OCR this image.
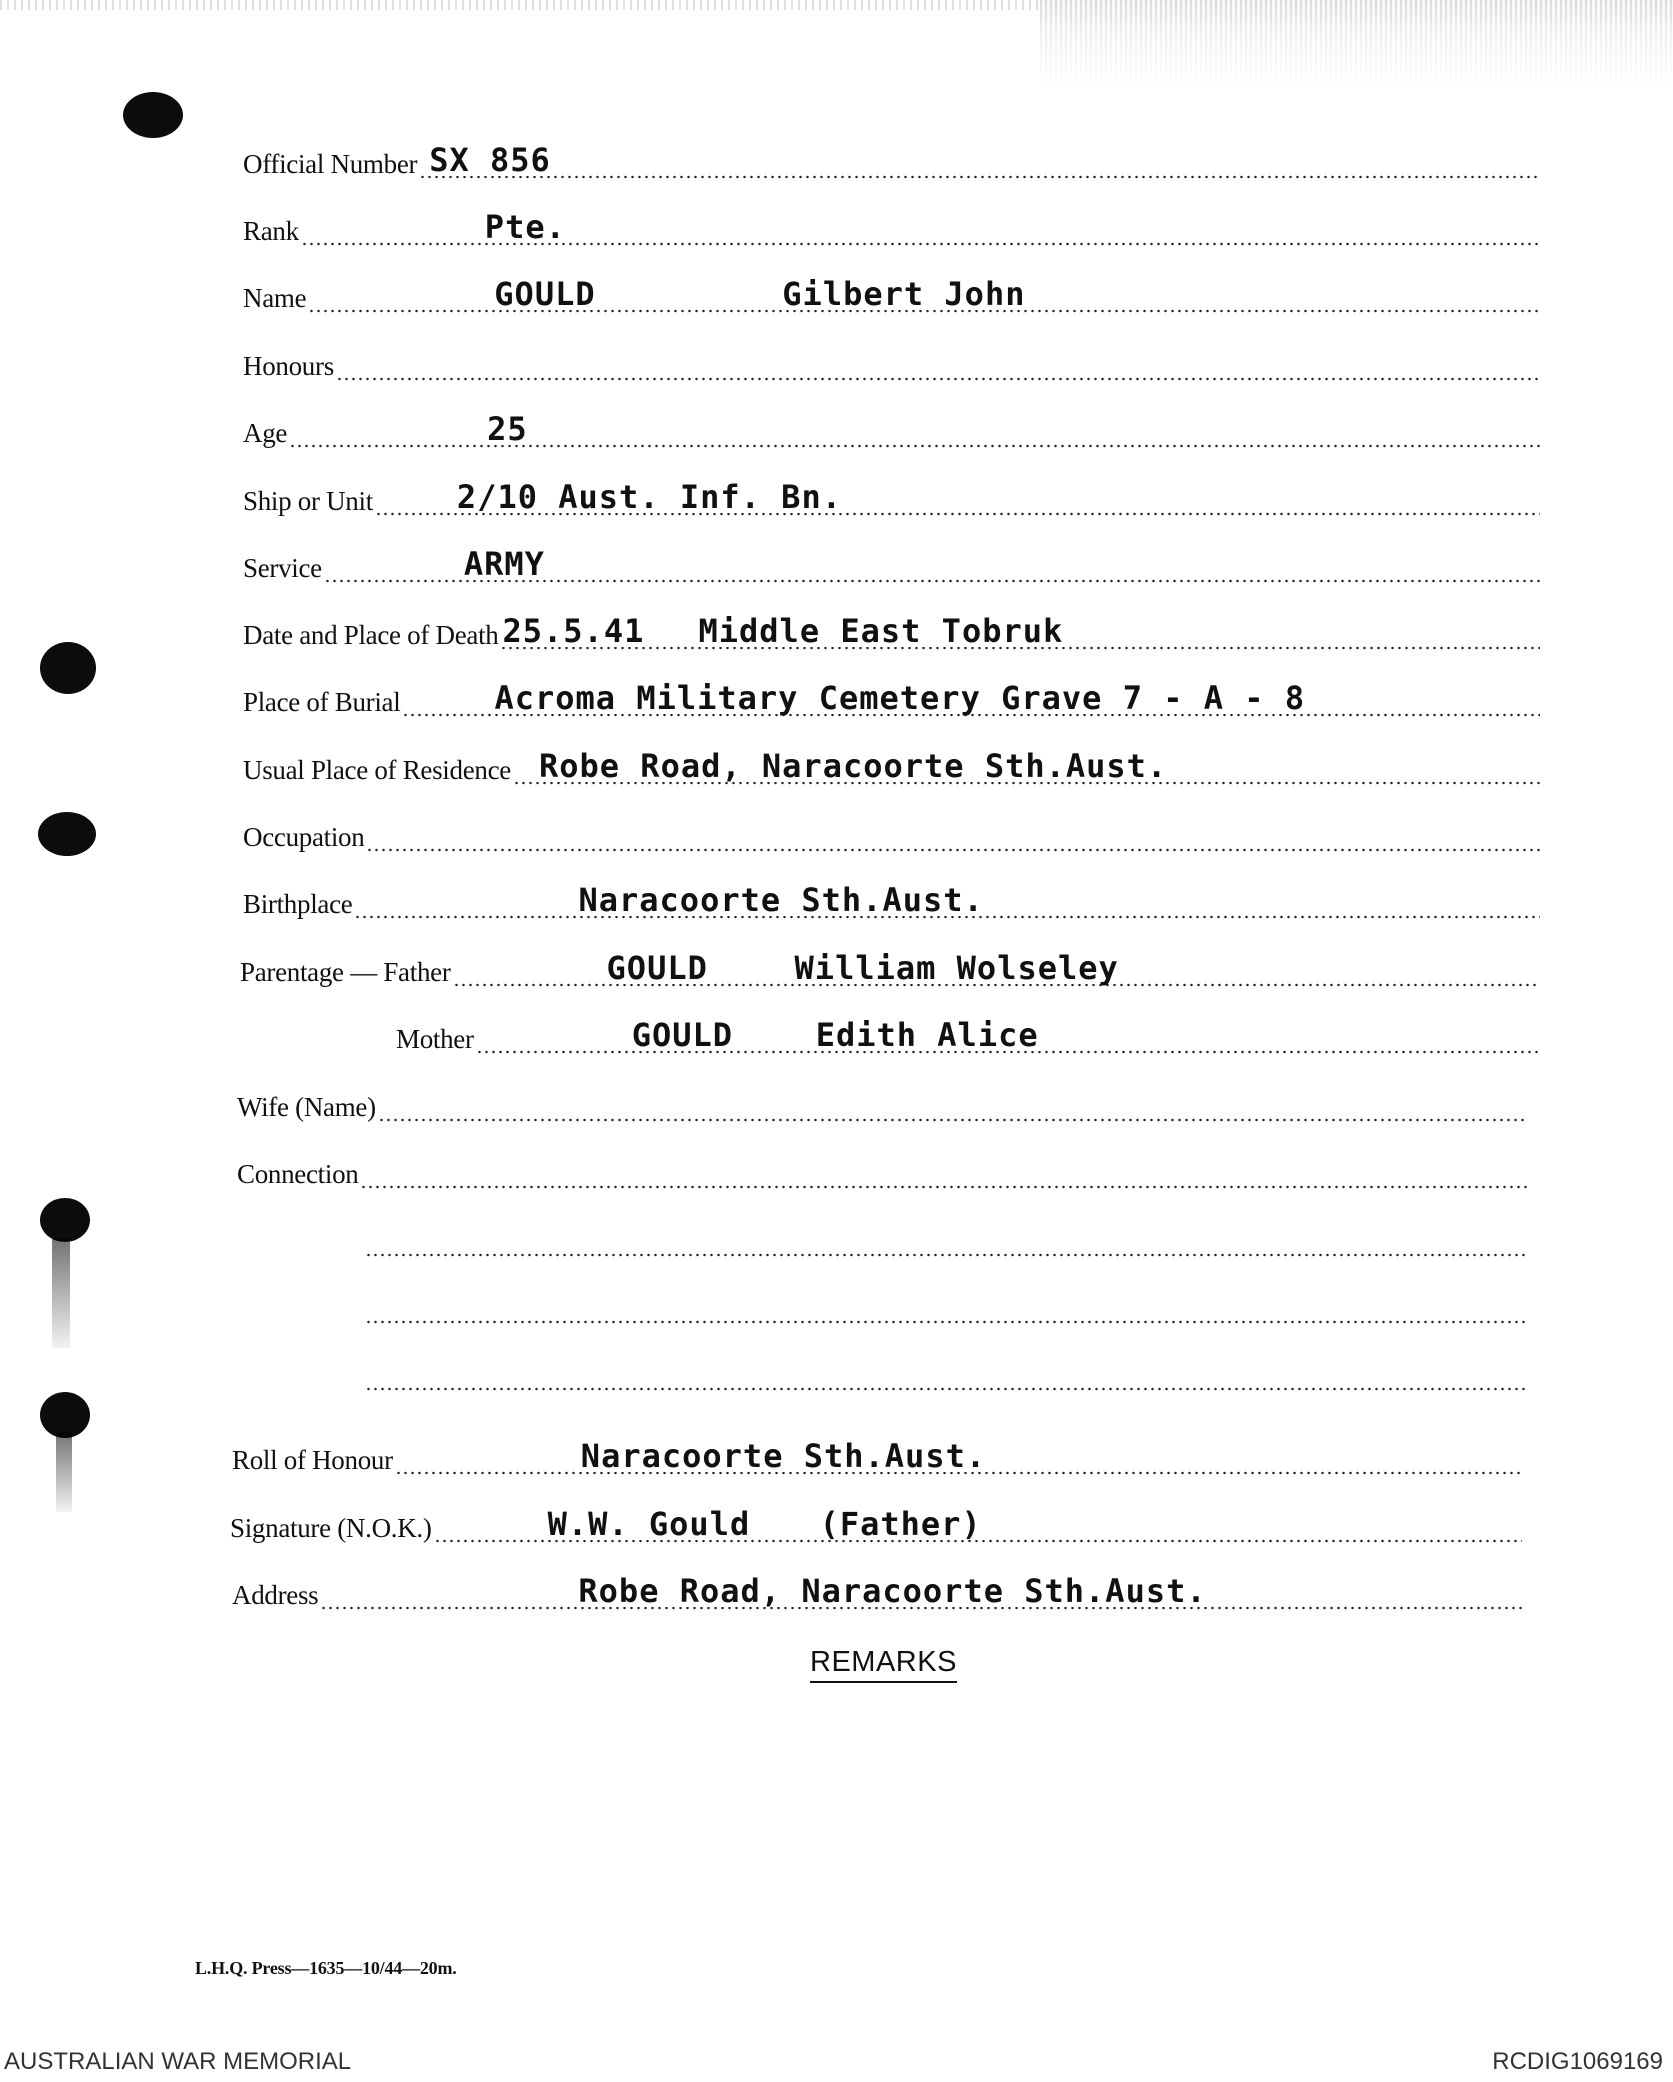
Official Number SX 856
Rank	Pte.
Name	GOULD	Gilbert John
Honours
Age	25
Ship or Unit	2/10 Aust. Inf. Bn.
Service	ARMY
Date and Place of Death 25.5.41 Middle East Tobruk
Place of Burial	Acroma Military Cemetery Grave 7 - A - 8
Usual Place of Residence Robe Road, Naracoorte Sth.Aust.
Occupation
Birthplace	Naracoorte Sth.Aust.
Parentage — Father	GOULD	William Wolseley
Mother	GOULD	Edith Alice
Wife (Name)
Connection
Roll of Honour	Naracoorte Sth.Aust.
Signature (N.O.K.)	W.W. Gould (Father)
Address	Robe Road, Naracoorte Sth.Aust.
REMARKS
L.H.Q. Press—1635—10/44—20m.
AUSTRALIAN WAR MEMORIAL	RCDIG1069169
